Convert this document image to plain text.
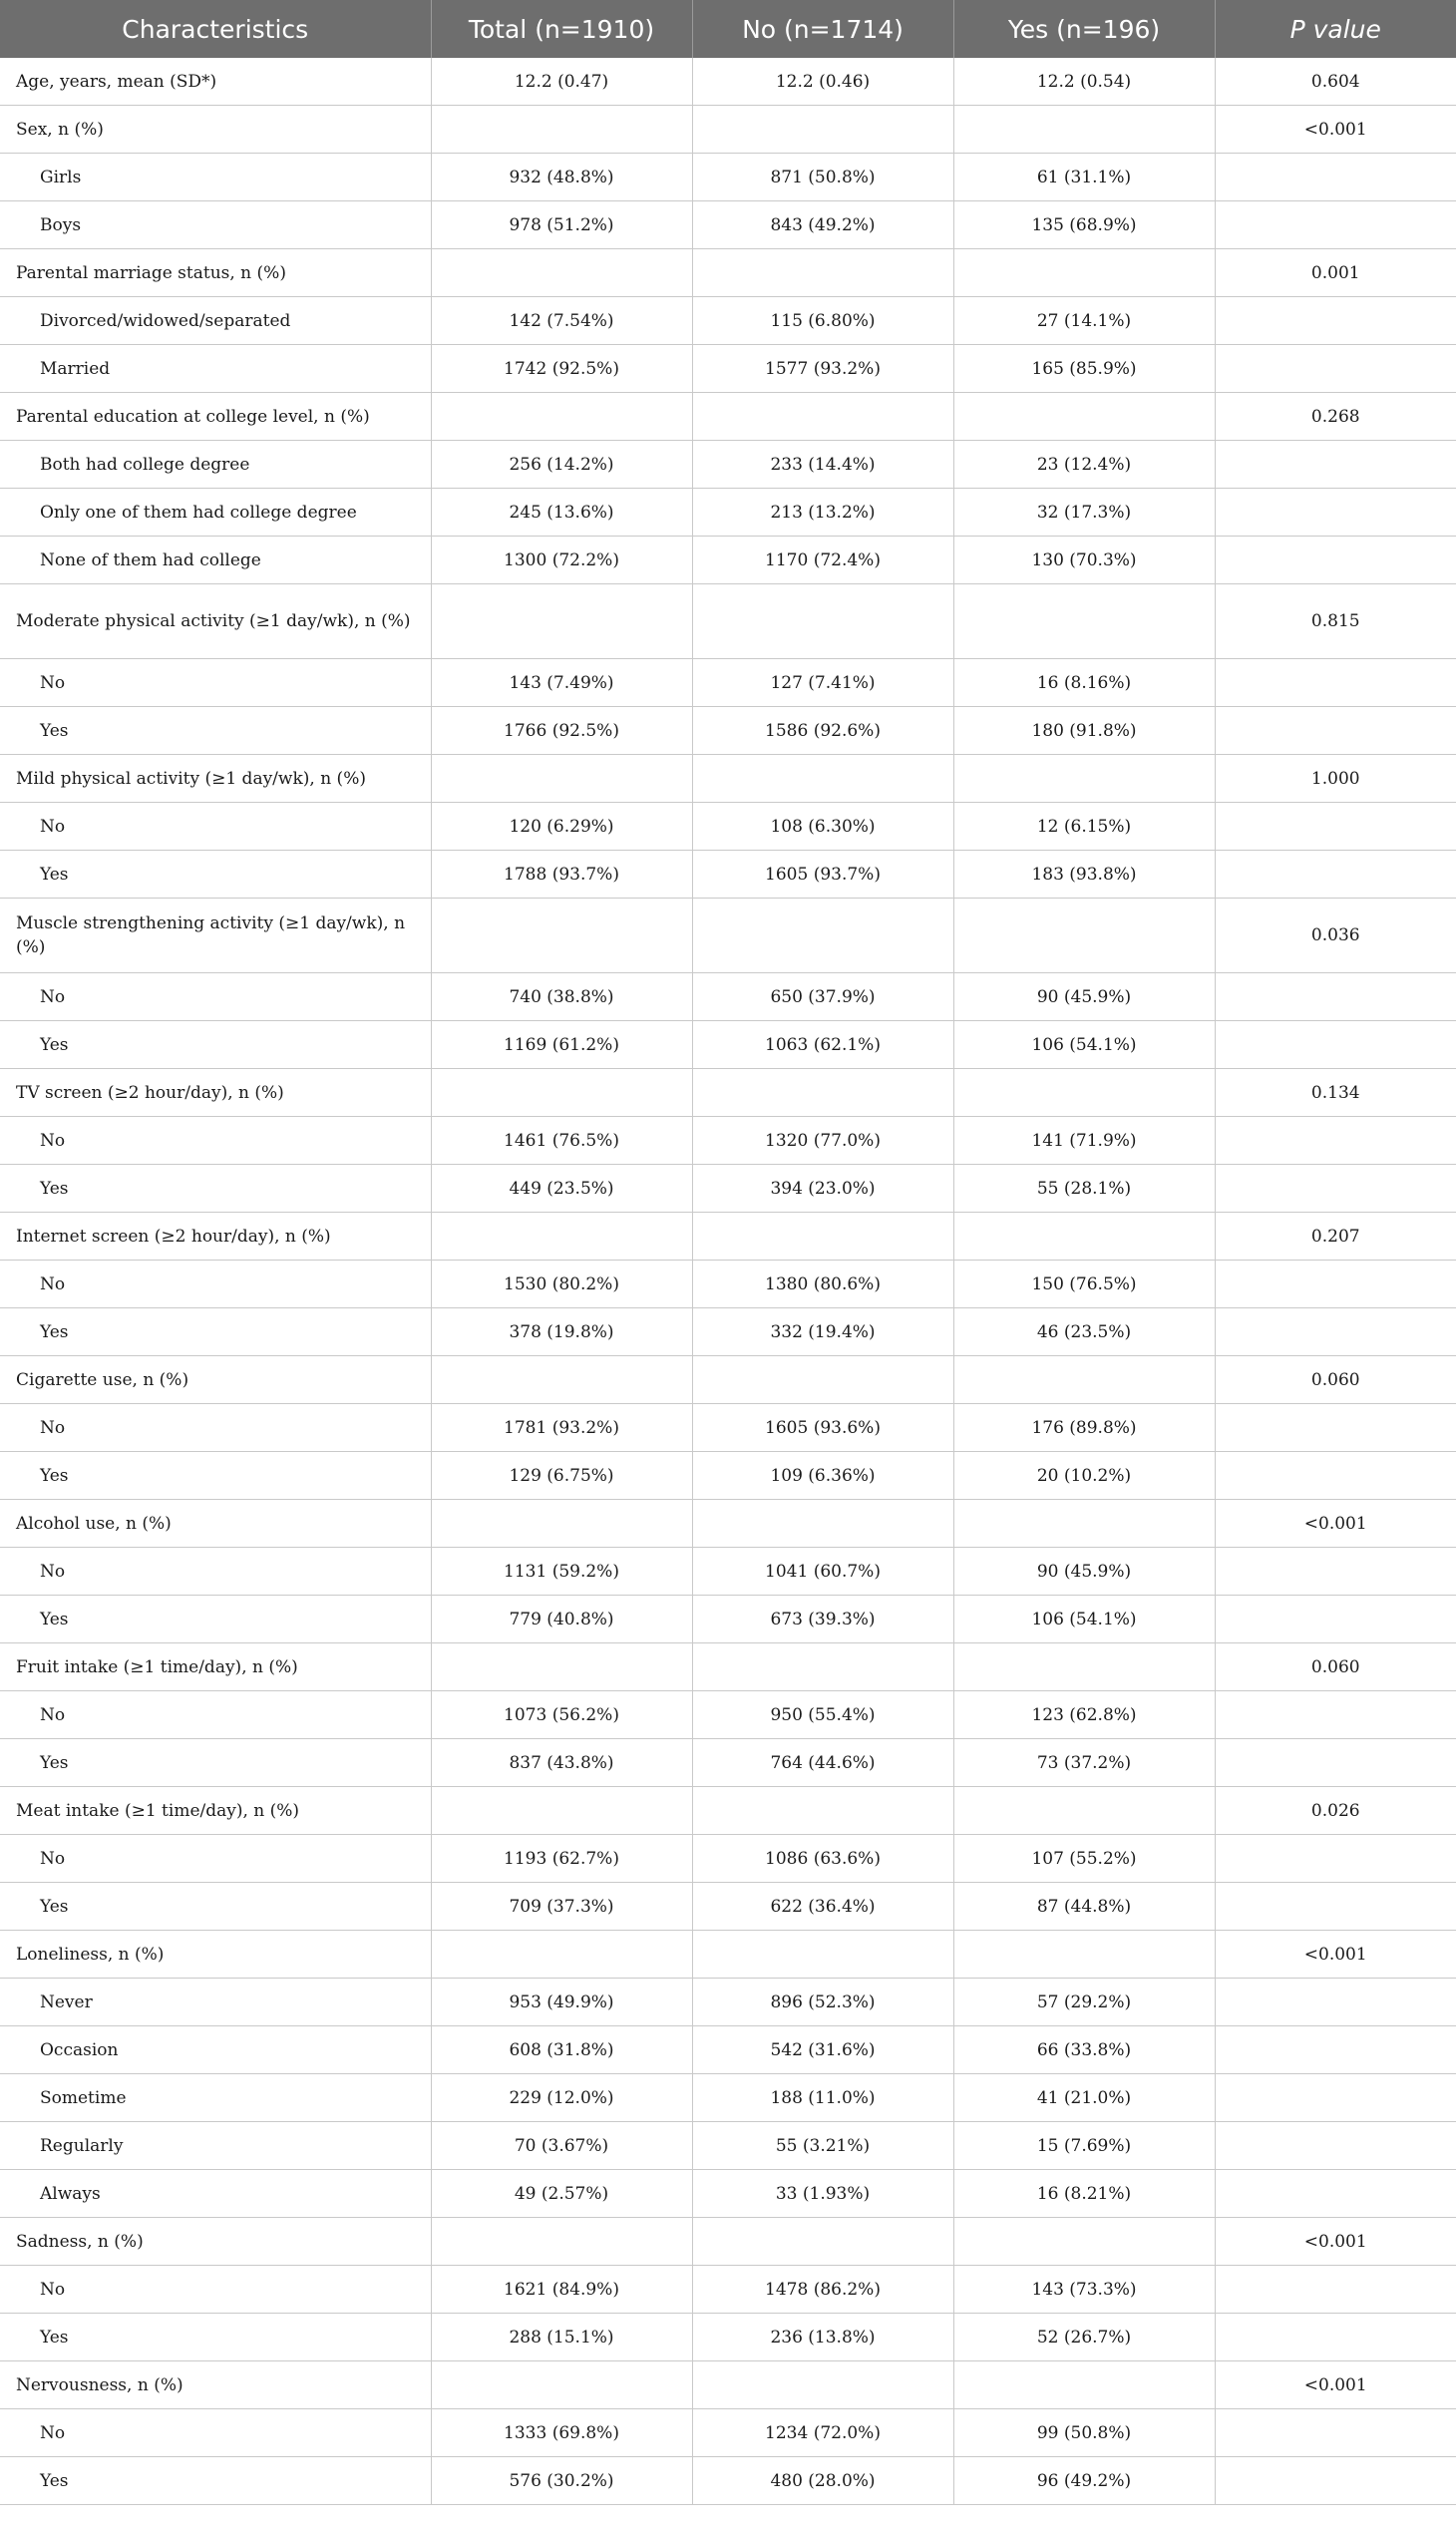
Characteristics	Total (n=1910)	No (n=1714)	Yes (n=196)	P value
Age, years, mean (SD*)	12.2 (0.47)	12.2 (0.46)	12.2 (0.54)	0.604
Sex, n (%)				<0.001
Girls	932 (48.8%)	871 (50.8%)	61 (31.1%)	
Boys	978 (51.2%)	843 (49.2%)	135 (68.9%)	
Parental marriage status, n (%)				0.001
Divorced/widowed/separated	142 (7.54%)	115 (6.80%)	27 (14.1%)	
Married	1742 (92.5%)	1577 (93.2%)	165 (85.9%)	
Parental education at college level, n (%)				0.268
Both had college degree	256 (14.2%)	233 (14.4%)	23 (12.4%)	
Only one of them had college degree	245 (13.6%)	213 (13.2%)	32 (17.3%)	
None of them had college	1300 (72.2%)	1170 (72.4%)	130 (70.3%)	
Moderate physical activity (≥1 day/wk), n (%)				0.815
No	143 (7.49%)	127 (7.41%)	16 (8.16%)	
Yes	1766 (92.5%)	1586 (92.6%)	180 (91.8%)	
Mild physical activity (≥1 day/wk), n (%)				1.000
No	120 (6.29%)	108 (6.30%)	12 (6.15%)	
Yes	1788 (93.7%)	1605 (93.7%)	183 (93.8%)	
Muscle strengthening activity (≥1 day/wk), n (%)				0.036
No	740 (38.8%)	650 (37.9%)	90 (45.9%)	
Yes	1169 (61.2%)	1063 (62.1%)	106 (54.1%)	
TV screen (≥2 hour/day), n (%)				0.134
No	1461 (76.5%)	1320 (77.0%)	141 (71.9%)	
Yes	449 (23.5%)	394 (23.0%)	55 (28.1%)	
Internet screen (≥2 hour/day), n (%)				0.207
No	1530 (80.2%)	1380 (80.6%)	150 (76.5%)	
Yes	378 (19.8%)	332 (19.4%)	46 (23.5%)	
Cigarette use, n (%)				0.060
No	1781 (93.2%)	1605 (93.6%)	176 (89.8%)	
Yes	129 (6.75%)	109 (6.36%)	20 (10.2%)	
Alcohol use, n (%)				<0.001
No	1131 (59.2%)	1041 (60.7%)	90 (45.9%)	
Yes	779 (40.8%)	673 (39.3%)	106 (54.1%)	
Fruit intake (≥1 time/day), n (%)				0.060
No	1073 (56.2%)	950 (55.4%)	123 (62.8%)	
Yes	837 (43.8%)	764 (44.6%)	73 (37.2%)	
Meat intake (≥1 time/day), n (%)				0.026
No	1193 (62.7%)	1086 (63.6%)	107 (55.2%)	
Yes	709 (37.3%)	622 (36.4%)	87 (44.8%)	
Loneliness, n (%)				<0.001
Never	953 (49.9%)	896 (52.3%)	57 (29.2%)	
Occasion	608 (31.8%)	542 (31.6%)	66 (33.8%)	
Sometime	229 (12.0%)	188 (11.0%)	41 (21.0%)	
Regularly	70 (3.67%)	55 (3.21%)	15 (7.69%)	
Always	49 (2.57%)	33 (1.93%)	16 (8.21%)	
Sadness, n (%)				<0.001
No	1621 (84.9%)	1478 (86.2%)	143 (73.3%)	
Yes	288 (15.1%)	236 (13.8%)	52 (26.7%)	
Nervousness, n (%)				<0.001
No	1333 (69.8%)	1234 (72.0%)	99 (50.8%)	
Yes	576 (30.2%)	480 (28.0%)	96 (49.2%)	
